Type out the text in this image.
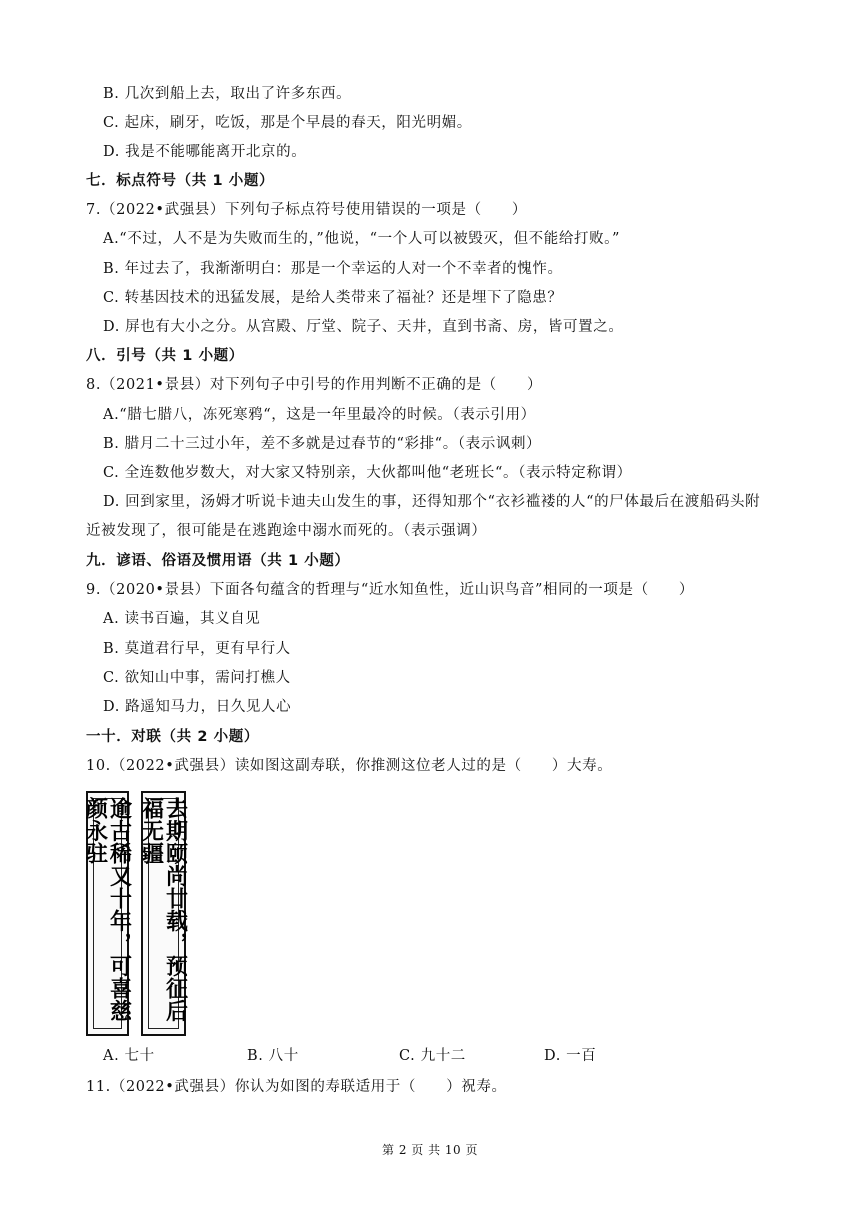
B. 几次到船上去，取出了许多东西。
C. 起床，刷牙，吃饭，那是个早晨的春天，阳光明媚。
D. 我是不能哪能离开北京的。
七．标点符号（共 1 小题）
7.（2022•武强县）下列句子标点符号使用错误的一项是（　　）
A.“不过，人不是为失败而生的，”他说，“一个人可以被毁灭，但不能给打败。”
B. 年过去了，我渐渐明白：那是一个幸运的人对一个不幸者的愧怍。
C. 转基因技术的迅猛发展，是给人类带来了福祉？还是埋下了隐患？
D. 屏也有大小之分。从宫殿、厅堂、院子、天井，直到书斋、房，皆可置之。
八．引号（共 1 小题）
8.（2021•景县）对下列句子中引号的作用判断不正确的是（　　）
A.“腊七腊八，冻死寒鸦“，这是一年里最冷的时候。（表示引用）
B. 腊月二十三过小年，差不多就是过春节的“彩排“。（表示讽刺）
C. 全连数他岁数大，对大家又特别亲，大伙都叫他“老班长“。（表示特定称谓）
D. 回到家里，汤姆才听说卡迪夫山发生的事，还得知那个“衣衫褴褛的人“的尸体最后在渡船码头附
近被发现了，很可能是在逃跑途中溺水而死的。（表示强调）
九．谚语、俗语及惯用语（共 1 小题）
9.（2020•景县）下面各句蕴含的哲理与“近水知鱼性，近山识鸟音”相同的一项是（　　）
A. 读书百遍，其义自见
B. 莫道君行早，更有早行人
C. 欲知山中事，需问打樵人
D. 路遥知马力，日久见人心
一十．对联（共 2 小题）
10.（2022•武强县）读如图这副寿联，你推测这位老人过的是（　　）大寿。
逾古稀又十年，可喜慈颜永驻	去期颐尚廿载，预征后福无疆
A. 七十	B. 八十	C. 九十二	D. 一百
11.（2022•武强县）你认为如图的寿联适用于（　　）祝寿。
第 2 页 共 10 页
